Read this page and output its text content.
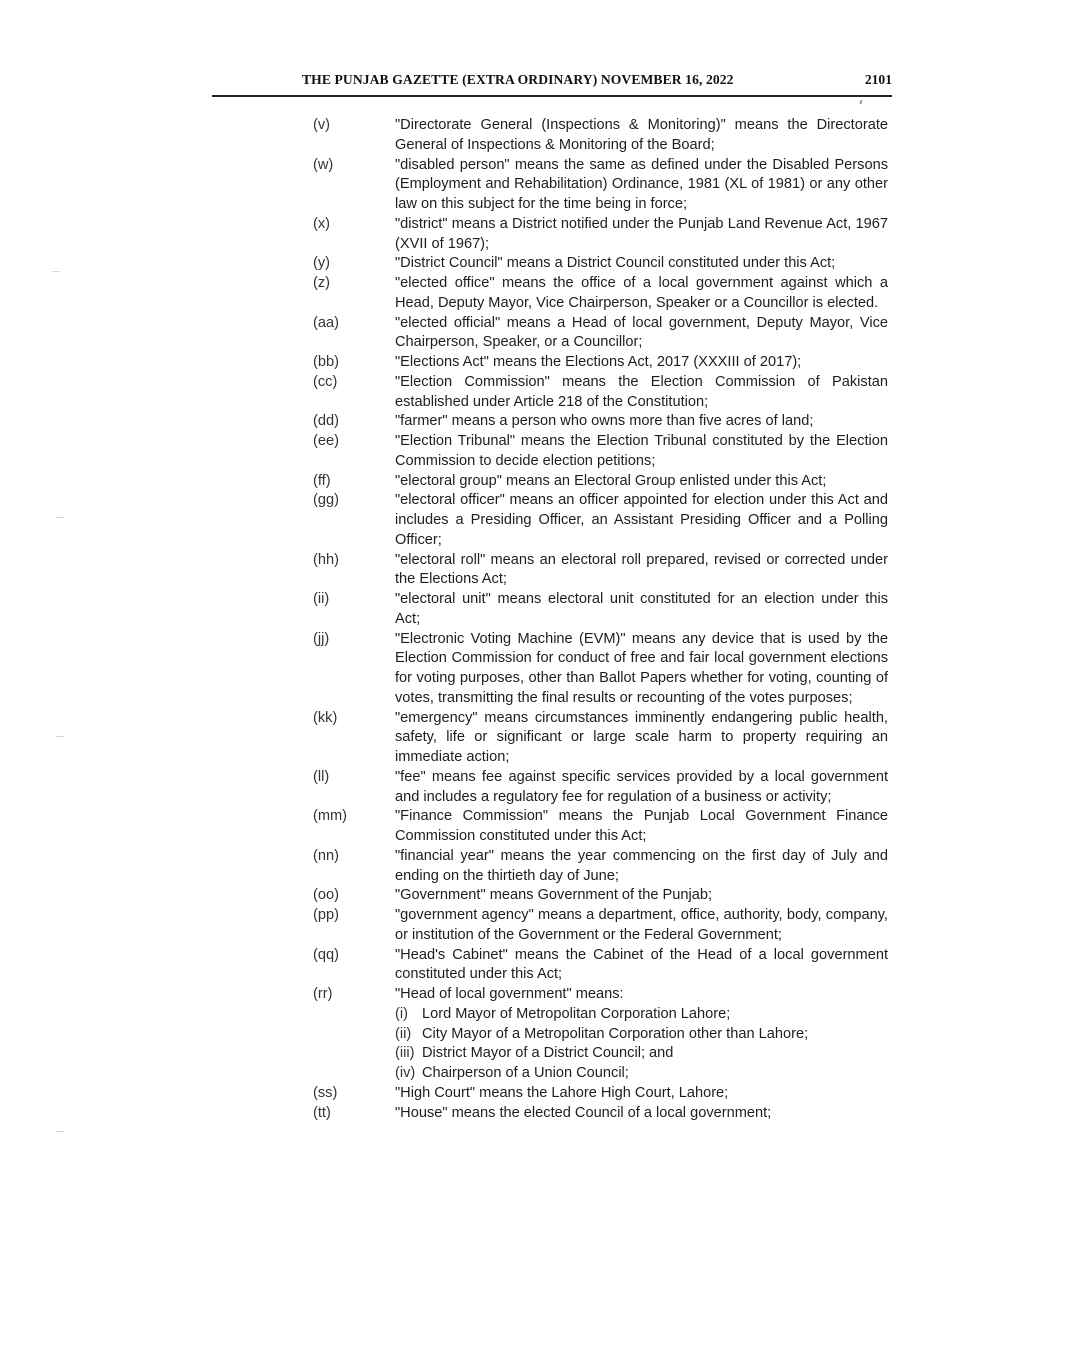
THE PUNJAB GAZETTE (EXTRA ORDINARY) NOVEMBER 16, 2022	2101
(v)	"Directorate General (Inspections & Monitoring)" means the Directorate General of Inspections & Monitoring of the Board;
(w)	"disabled person" means the same as defined under the Disabled Persons (Employment and Rehabilitation) Ordinance, 1981 (XL of 1981) or any other law on this subject for the time being in force;
(x)	"district" means a District notified under the Punjab Land Revenue Act, 1967 (XVII of 1967);
(y)	"District Council" means a District Council constituted under this Act;
(z)	"elected office" means the office of a local government against which a Head, Deputy Mayor, Vice Chairperson, Speaker or a Councillor is elected.
(aa)	"elected official" means a Head of local government, Deputy Mayor, Vice Chairperson, Speaker, or a Councillor;
(bb)	"Elections Act" means the Elections Act, 2017 (XXXIII of 2017);
(cc)	"Election Commission" means the Election Commission of Pakistan established under Article 218 of the Constitution;
(dd)	"farmer" means a person who owns more than five acres of land;
(ee)	"Election Tribunal" means the Election Tribunal constituted by the Election Commission to decide election petitions;
(ff)	"electoral group" means an Electoral Group enlisted under this Act;
(gg)	"electoral officer" means an officer appointed for election under this Act and includes a Presiding Officer, an Assistant Presiding Officer and a Polling Officer;
(hh)	"electoral roll" means an electoral roll prepared, revised or corrected under the Elections Act;
(ii)	"electoral unit" means electoral unit constituted for an election under this Act;
(jj)	"Electronic Voting Machine (EVM)" means any device that is used by the Election Commission for conduct of free and fair local government elections for voting purposes, other than Ballot Papers whether for voting, counting of votes, transmitting the final results or recounting of the votes purposes;
(kk)	"emergency" means circumstances imminently endangering public health, safety, life or significant or large scale harm to property requiring an immediate action;
(ll)	"fee" means fee against specific services provided by a local government and includes a regulatory fee for regulation of a business or activity;
(mm)	"Finance Commission" means the Punjab Local Government Finance Commission constituted under this Act;
(nn)	"financial year" means the year commencing on the first day of July and ending on the thirtieth day of June;
(oo)	"Government" means Government of the Punjab;
(pp)	"government agency" means a department, office, authority, body, company, or institution of the Government or the Federal Government;
(qq)	"Head's Cabinet" means the Cabinet of the Head of a local government constituted under this Act;
(rr)	"Head of local government" means:
(i) Lord Mayor of Metropolitan Corporation Lahore;
(ii) City Mayor of a Metropolitan Corporation other than Lahore;
(iii) District Mayor of a District Council; and
(iv) Chairperson of a Union Council;
(ss)	"High Court" means the Lahore High Court, Lahore;
(tt)	"House" means the elected Council of a local government;
